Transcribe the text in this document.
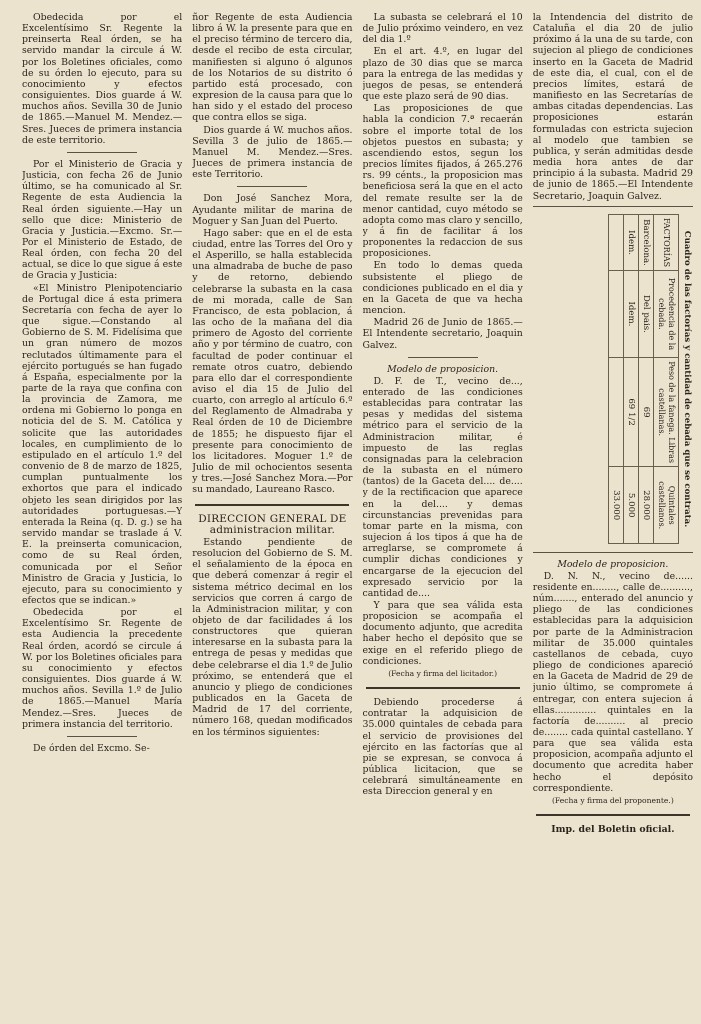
Obedecida por el Excelentísimo Sr. Regente la preinserta Real órden, se ha servido mandar la circule á W. por los Boletines oficiales, como de su órden lo ejecuto, para su conocimiento y efectos consiguientes. Dios guarde á W. muchos años. Sevilla 30 de Junio de 1865.—Manuel M. Mendez.—Sres. Jueces de primera instancia de este territorio.

Por el Ministerio de Gracia y Justicia, con fecha 26 de Junio último, se ha comunicado al Sr. Regente de esta Audiencia la Real órden siguiente.—Hay un sello que dice: Ministerio de Gracia y Justicia.—Excmo. Sr.—Por el Ministerio de Estado, de Real órden, con fecha 20 del actual, se dice lo que sigue á este de Gracia y Justicia:

«El Ministro Plenipotenciario de Portugal dice á esta primera Secretaría con fecha de ayer lo que sigue.—Constando al Gobierno de S. M. Fidelísima que un gran número de mozos reclutados últimamente para el ejército portugués se han fugado á España, especialmente por la parte de la raya que confina con la provincia de Zamora, me ordena mi Gobierno lo ponga en noticia del de S. M. Católica y solicite que las autoridades locales, en cumplimiento de lo estipulado en el artículo 1.º del convenio de 8 de marzo de 1825, cumplan puntualmente los exhortos que para el indicado objeto les sean dirigidos por las autoridades portuguesas.—Y enterada la Reina (q. D. g.) se ha servido mandar se traslade á V. E. la preinserta comunicacion, como de su Real órden, comunicada por el Señor Ministro de Gracia y Justicia, lo ejecuto, para su conocimiento y efectos que se indican.»

Obedecida por el Excelentísimo Sr. Regente de esta Audiencia la precedente Real órden, acordó se circule á W. por los Boletines oficiales para su conocimiento y efectos consiguientes. Dios guarde á W. muchos años. Sevilla 1.º de Julio de 1865.—Manuel María Mendez.—Sres. Jueces de primera instancia del territorio.

De órden del Excmo. Se-

ñor Regente de esta Audiencia libro á W. la presente para que en el preciso término de tercero dia, desde el recibo de esta circular, manifiesten si alguno ó algunos de los Notarios de su distrito ó partido está procesado, con expresion de la causa para que lo han sido y el estado del proceso que contra ellos se siga.

Dios guarde á W. muchos años. Sevilla 3 de julio de 1865.—Manuel M. Mendez.—Sres. Jueces de primera instancia de este Territorio.

Don José Sanchez Mora, Ayudante militar de marina de Moguer y San Juan del Puerto.

Hago saber: que en el de esta ciudad, entre las Torres del Oro y el Asperillo, se halla establecida una almadraba de buche de paso y de retorno, debiendo celebrarse la subasta en la casa de mi morada, calle de San Francisco, de esta poblacion, á las ocho de la mañana del dia primero de Agosto del corriente año y por término de cuatro, con facultad de poder continuar el remate otros cuatro, debiendo para ello dar el correspondiente aviso el dia 15 de Julio del cuarto, con arreglo al artículo 6.º del Reglamento de Almadraba y Real órden de 10 de Diciembre de 1855; he dispuesto fijar el presente para conocimiento de los licitadores. Moguer 1.º de Julio de mil ochocientos sesenta y tres.—José Sanchez Mora.—Por su mandado, Laureano Rasco.

DIRECCION GENERAL DE administracion militar.

Estando pendiente de resolucion del Gobierno de S. M. el señalamiento de la época en que deberá comenzar á regir el sistema métrico decimal en los servicios que corren á cargo de la Administracion militar, y con objeto de dar facilidades á los constructores que quieran interesarse en la subasta para la entrega de pesas y medidas que debe celebrarse el dia 1.º de Julio próximo, se entenderá que el anuncio y pliego de condiciones publicados en la Gaceta de Madrid de 17 del corriente, número 168, quedan modificados en los términos siguientes:

La subasta se celebrará el 10 de Julio próximo veindero, en vez del dia 1.º

En el art. 4.º, en lugar del plazo de 30 dias que se marca para la entrega de las medidas y juegos de pesas, se entenderá que este plazo será de 90 dias.

Las proposiciones de que habla la condicion 7.ª recaerán sobre el importe total de los objetos puestos en subasta; y ascendiendo estos, segun los precios límites fijados, á 265.276 rs. 99 cénts., la proposicion mas beneficiosa será la que en el acto del remate resulte ser la de menor cantidad, cuyo método se adopta como mas claro y sencillo, y á fin de facilitar á los proponentes la redaccion de sus proposiciones.

En todo lo demas queda subsistente el pliego de condiciones publicado en el dia y en la Gaceta de que va hecha mencion.

Madrid 26 de Junio de 1865.—El Intendente secretario, Joaquin Galvez.

Modelo de proposicion.

D. F. de T., vecino de..., enterado de las condiciones establecidas para contratar las pesas y medidas del sistema métrico para el servicio de la Administracion militar, é impuesto de las reglas consignadas para la celebracion de la subasta en el número (tantos) de la Gaceta del.... de.... y de la rectificacion que aparece en la del.... y demas circunstancias prevenidas para tomar parte en la misma, con sujecion á los tipos á que ha de arreglarse, se compromete á cumplir dichas condiciones y encargarse de la ejecucion del expresado servicio por la cantidad de....

Y para que sea válida esta proposicion se acompaña el documento adjunto, que acredita haber hecho el depósito que se exige en el referido pliego de condiciones.

(Fecha y firma del licitador.)

Debiendo procederse á contratar la adquisicion de 35.000 quintales de cebada para el servicio de provisiones del ejército en las factorías que al pie se expresan, se convoca á pública licitacion, que se celebrará simultáneamente en esta Direccion general y en

la Intendencia del distrito de Cataluña el dia 20 de julio próximo á la una de su tarde, con sujecion al pliego de condiciones inserto en la Gaceta de Madrid de este dia, el cual, con el de precios límites, estará de manifiesto en las Secretarías de ambas citadas dependencias. Las proposiciones estarán formuladas con estricta sujecion al modelo que tambien se publica, y serán admitidas desde media hora antes de dar principio á la subasta. Madrid 29 de junio de 1865.—El Intendente Secretario, Joaquin Galvez.

Cuadro de las factorías y cantidad de cebada que se contrata.
FACTORÍAS	Procedencia de la cebada.	Peso de la fanega. Libras castellanas.	Quintales castellanos.
Barcelona.	Del pais.	69	28.000
Idem.	Idem.	69 1/2	5.000
			33.000

Modelo de proposicion.

D. N. N., vecino de...... residente en........, calle de.........., núm......., enterado del anuncio y pliego de las condiciones establecidas para la adquisicion por parte de la Administracion militar de 35.000 quintales castellanos de cebada, cuyo pliego de condiciones apareció en la Gaceta de Madrid de 29 de junio último, se compromete á entregar, con entera sujecion á ellas.............. quintales en la factoría de.......... al precio de........ cada quintal castellano. Y para que sea válida esta proposicion, acompaña adjunto el documento que acredita haber hecho el depósito correspondiente.

(Fecha y firma del proponente.)

Imp. del Boletin oficial.
